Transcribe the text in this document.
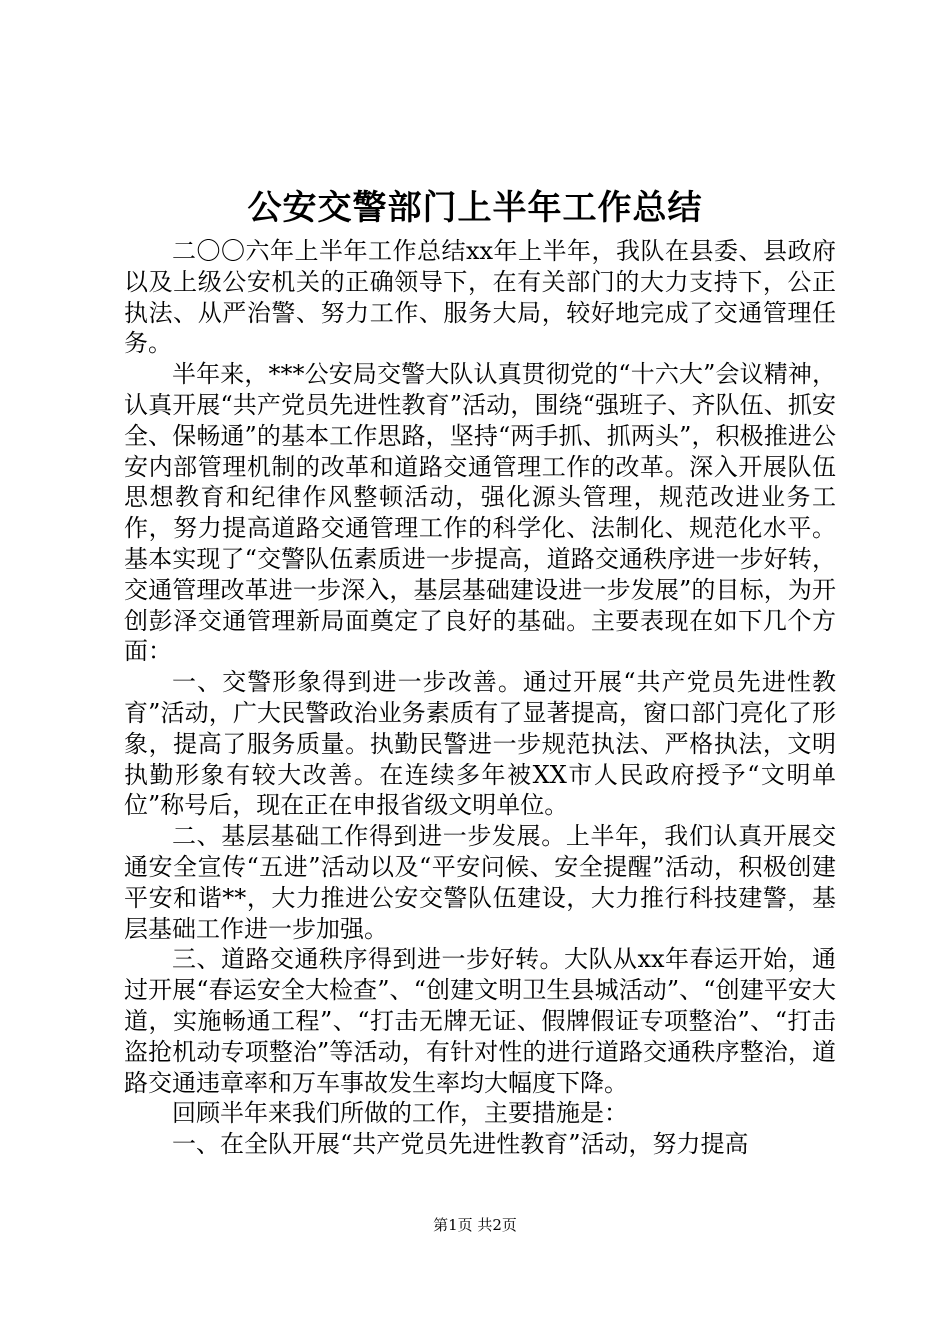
公安交警部门上半年工作总结

二〇〇六年上半年工作总结xx年上半年，我队在县委、县政府以及上级公安机关的正确领导下，在有关部门的大力支持下，公正执法、从严治警、努力工作、服务大局，较好地完成了交通管理任务。

半年来，***公安局交警大队认真贯彻党的“十六大”会议精神，认真开展“共产党员先进性教育”活动，围绕“强班子、齐队伍、抓安全、保畅通”的基本工作思路，坚持“两手抓、抓两头”，积极推进公安内部管理机制的改革和道路交通管理工作的改革。深入开展队伍思想教育和纪律作风整顿活动，强化源头管理，规范改进业务工作，努力提高道路交通管理工作的科学化、法制化、规范化水平。基本实现了“交警队伍素质进一步提高，道路交通秩序进一步好转，交通管理改革进一步深入，基层基础建设进一步发展”的目标，为开创彭泽交通管理新局面奠定了良好的基础。主要表现在如下几个方面：

一、交警形象得到进一步改善。通过开展“共产党员先进性教育”活动，广大民警政治业务素质有了显著提高，窗口部门亮化了形象，提高了服务质量。执勤民警进一步规范执法、严格执法，文明执勤形象有较大改善。在连续多年被XX市人民政府授予“文明单位”称号后，现在正在申报省级文明单位。

二、基层基础工作得到进一步发展。上半年，我们认真开展交通安全宣传“五进”活动以及“平安问候、安全提醒”活动，积极创建平安和谐**，大力推进公安交警队伍建设，大力推行科技建警，基层基础工作进一步加强。

三、道路交通秩序得到进一步好转。大队从xx年春运开始，通过开展“春运安全大检查”、“创建文明卫生县城活动”、“创建平安大道，实施畅通工程”、“打击无牌无证、假牌假证专项整治”、“打击盗抢机动专项整治”等活动，有针对性的进行道路交通秩序整治，道路交通违章率和万车事故发生率均大幅度下降。

回顾半年来我们所做的工作，主要措施是：

一、在全队开展“共产党员先进性教育”活动，努力提高

第1页 共2页
